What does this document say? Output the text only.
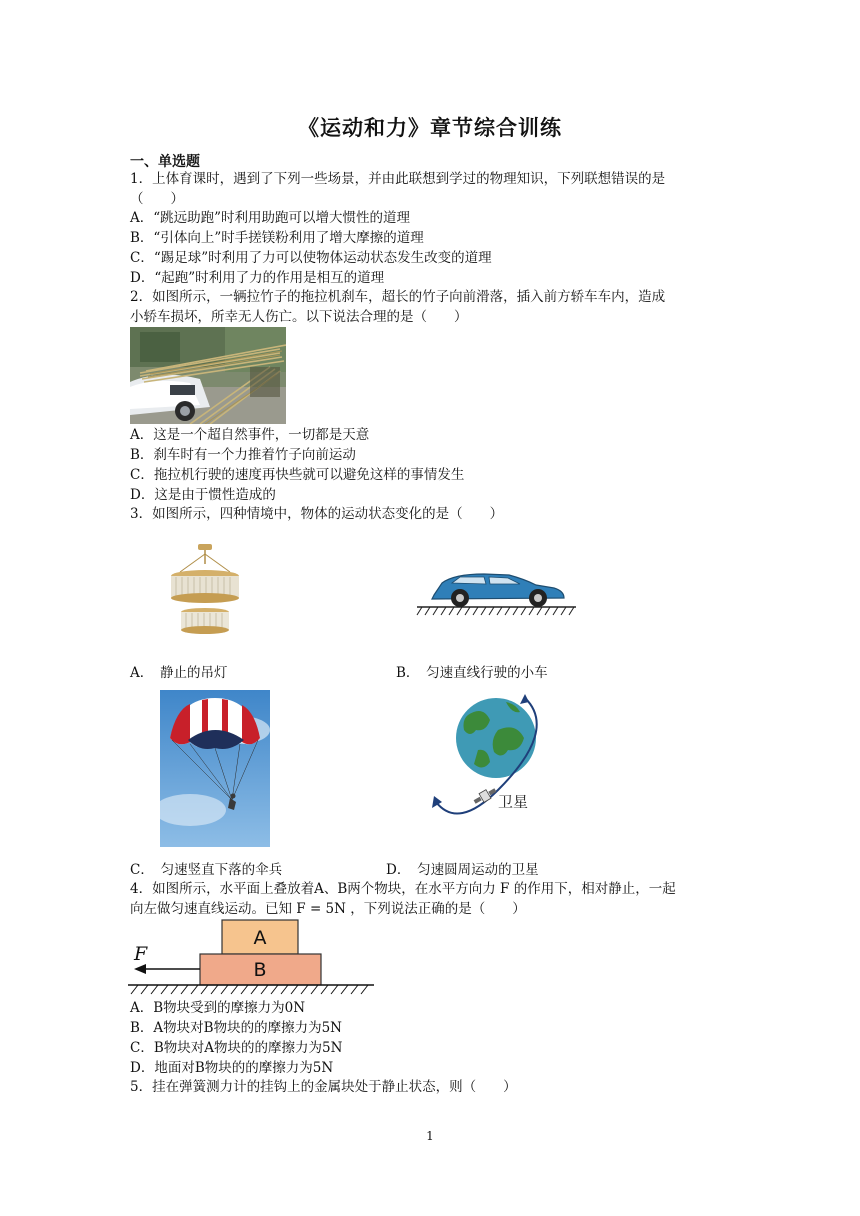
《运动和力》章节综合训练
一、单选题
1．上体育课时，遇到了下列一些场景，并由此联想到学过的物理知识，下列联想错误的是
（　　）
A．“跳远助跑”时利用助跑可以增大惯性的道理
B．“引体向上”时手搓镁粉利用了增大摩擦的道理
C．“踢足球”时利用了力可以使物体运动状态发生改变的道理
D．“起跑”时利用了力的作用是相互的道理
2．如图所示，一辆拉竹子的拖拉机刹车，超长的竹子向前滑落，插入前方轿车车内，造成
小轿车损坏，所幸无人伤亡。以下说法合理的是（　　）
A．这是一个超自然事件，一切都是天意
B．刹车时有一个力推着竹子向前运动
C．拖拉机行驶的速度再快些就可以避免这样的事情发生
D．这是由于惯性造成的
3．如图所示，四种情境中，物体的运动状态变化的是（　　）
A．　静止的吊灯	B．　匀速直线行驶的小车
卫星
C．　匀速竖直下落的伞兵	D．　匀速圆周运动的卫星
4．如图所示，水平面上叠放着A、B两个物块，在水平方向力 F 的作用下，相对静止，一起
向左做匀速直线运动。已知 F = 5N ，下列说法正确的是（　　）
A
B
F
A．B物块受到的摩擦力为0N
B．A物块对B物块的的摩擦力为5N
C．B物块对A物块的的摩擦力为5N
D．地面对B物块的的摩擦力为5N
5．挂在弹簧测力计的挂钩上的金属块处于静止状态，则（　　）
1
